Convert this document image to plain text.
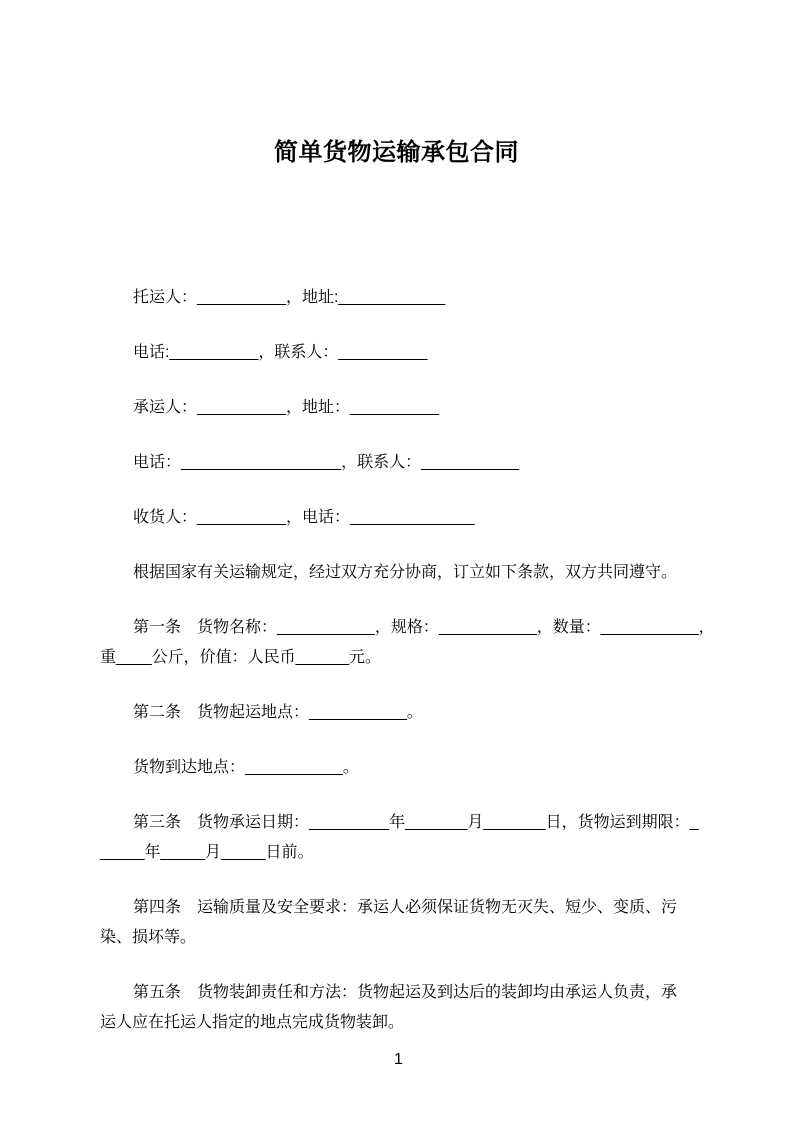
简单货物运输承包合同
托运人：__________，地址:____________
电话:__________，联系人：__________
承运人：__________，地址：__________
电话：__________________，联系人：___________
收货人：__________，电话：______________
根据国家有关运输规定，经过双方充分协商，订立如下条款，双方共同遵守。
第一条　货物名称：___________，规格：___________，数量：___________，
重____公斤，价值：人民币______元。
第二条　货物起运地点：___________。
货物到达地点：___________。
第三条　货物承运日期：_________年_______月_______日，货物运到期限：_
_____年_____月_____日前。
第四条　运输质量及安全要求：承运人必须保证货物无灭失、短少、变质、污
染、损坏等。
第五条　货物装卸责任和方法：货物起运及到达后的装卸均由承运人负责，承
运人应在托运人指定的地点完成货物装卸。
1
